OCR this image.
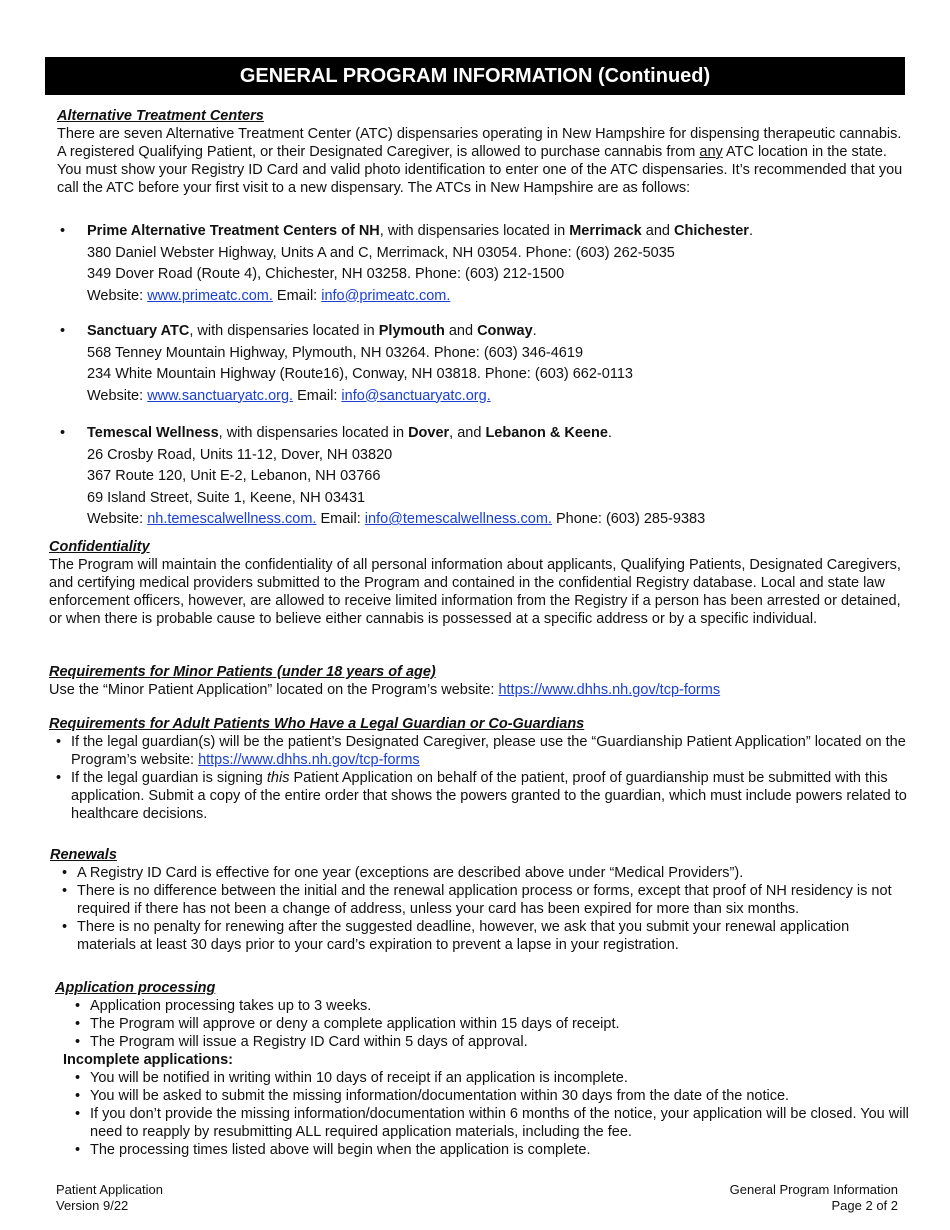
GENERAL PROGRAM INFORMATION (Continued)
Alternative Treatment Centers
There are seven Alternative Treatment Center (ATC) dispensaries operating in New Hampshire for dispensing therapeutic cannabis. A registered Qualifying Patient, or their Designated Caregiver, is allowed to purchase cannabis from any ATC location in the state. You must show your Registry ID Card and valid photo identification to enter one of the ATC dispensaries. It’s recommended that you call the ATC before your first visit to a new dispensary. The ATCs in New Hampshire are as follows:
• Prime Alternative Treatment Centers of NH, with dispensaries located in Merrimack and Chichester.
380 Daniel Webster Highway, Units A and C, Merrimack, NH 03054. Phone: (603) 262-5035
349 Dover Road (Route 4), Chichester, NH 03258. Phone: (603) 212-1500
Website: www.primeatc.com. Email: info@primeatc.com.
• Sanctuary ATC, with dispensaries located in Plymouth and Conway.
568 Tenney Mountain Highway, Plymouth, NH 03264. Phone: (603) 346-4619
234 White Mountain Highway (Route16), Conway, NH 03818. Phone: (603) 662-0113
Website: www.sanctuaryatc.org. Email: info@sanctuaryatc.org.
• Temescal Wellness, with dispensaries located in Dover, and Lebanon & Keene.
26 Crosby Road, Units 11-12, Dover, NH 03820
367 Route 120, Unit E-2, Lebanon, NH 03766
69 Island Street, Suite 1, Keene, NH 03431
Website: nh.temescalwellness.com. Email: info@temescalwellness.com. Phone: (603) 285-9383
Confidentiality
The Program will maintain the confidentiality of all personal information about applicants, Qualifying Patients, Designated Caregivers, and certifying medical providers submitted to the Program and contained in the confidential Registry database. Local and state law enforcement officers, however, are allowed to receive limited information from the Registry if a person has been arrested or detained, or when there is probable cause to believe either cannabis is possessed at a specific address or by a specific individual.
Requirements for Minor Patients (under 18 years of age)
Use the “Minor Patient Application” located on the Program’s website: https://www.dhhs.nh.gov/tcp-forms
Requirements for Adult Patients Who Have a Legal Guardian or Co-Guardians
• If the legal guardian(s) will be the patient’s Designated Caregiver, please use the “Guardianship Patient Application” located on the Program’s website: https://www.dhhs.nh.gov/tcp-forms
• If the legal guardian is signing this Patient Application on behalf of the patient, proof of guardianship must be submitted with this application. Submit a copy of the entire order that shows the powers granted to the guardian, which must include powers related to healthcare decisions.
Renewals
• A Registry ID Card is effective for one year (exceptions are described above under “Medical Providers”).
• There is no difference between the initial and the renewal application process or forms, except that proof of NH residency is not required if there has not been a change of address, unless your card has been expired for more than six months.
• There is no penalty for renewing after the suggested deadline, however, we ask that you submit your renewal application materials at least 30 days prior to your card’s expiration to prevent a lapse in your registration.
Application processing
• Application processing takes up to 3 weeks.
• The Program will approve or deny a complete application within 15 days of receipt.
• The Program will issue a Registry ID Card within 5 days of approval.
Incomplete applications:
• You will be notified in writing within 10 days of receipt if an application is incomplete.
• You will be asked to submit the missing information/documentation within 30 days from the date of the notice.
• If you don’t provide the missing information/documentation within 6 months of the notice, your application will be closed. You will need to reapply by resubmitting ALL required application materials, including the fee.
• The processing times listed above will begin when the application is complete.
Patient Application
Version 9/22
General Program Information
Page 2 of 2
